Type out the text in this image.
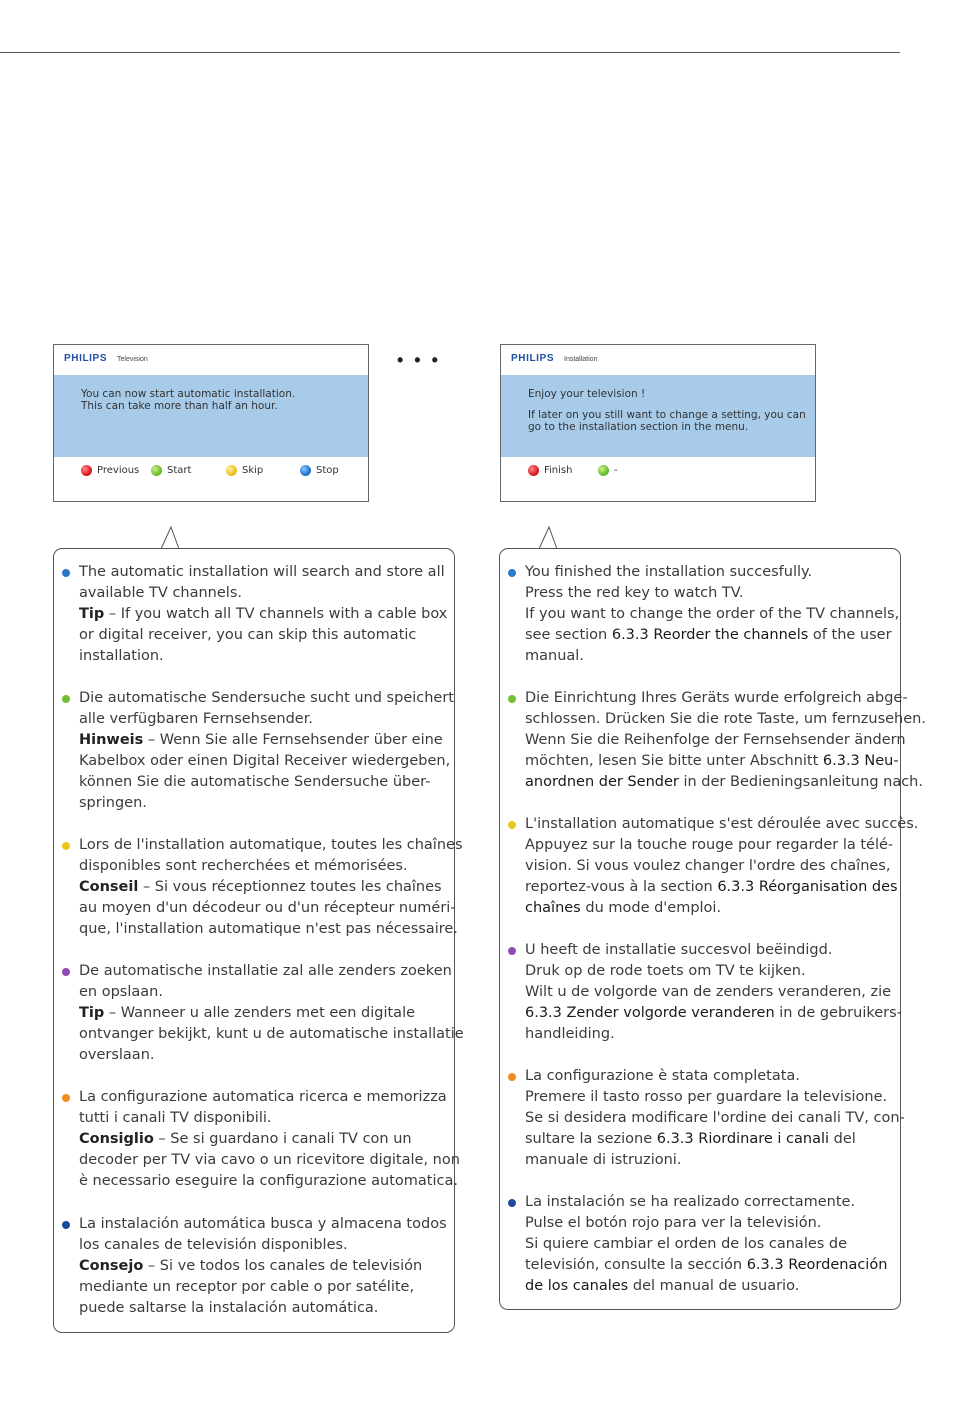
PHILIPS Television
You can now start automatic installation.
This can take more than half an hour.
Previous	Start	Skip	Stop
• • •	PHILIPS Installation
Enjoy your television !
If later on you still want to change a setting, you can
go to the installation section in the menu.
Finish	-
The automatic installation will search and store all
available TV channels.
Tip – If you watch all TV channels with a cable box
or digital receiver, you can skip this automatic
installation.
Die automatische Sendersuche sucht und speichert
alle verfügbaren Fernsehsender.
Hinweis – Wenn Sie alle Fernsehsender über eine
Kabelbox oder einen Digital Receiver wiedergeben,
können Sie die automatische Sendersuche über-
springen.
Lors de l'installation automatique, toutes les chaînes
disponibles sont recherchées et mémorisées.
Conseil – Si vous réceptionnez toutes les chaînes
au moyen d'un décodeur ou d'un récepteur numéri-
que, l'installation automatique n'est pas nécessaire.
De automatische installatie zal alle zenders zoeken
en opslaan.
Tip – Wanneer u alle zenders met een digitale
ontvanger bekijkt, kunt u de automatische installatie
overslaan.
La configurazione automatica ricerca e memorizza
tutti i canali TV disponibili.
Consiglio – Se si guardano i canali TV con un
decoder per TV via cavo o un ricevitore digitale, non
è necessario eseguire la configurazione automatica.
La instalación automática busca y almacena todos
los canales de televisión disponibles.
Consejo – Si ve todos los canales de televisión
mediante un receptor por cable o por satélite,
puede saltarse la instalación automática.
You finished the installation succesfully.
Press the red key to watch TV.
If you want to change the order of the TV channels,
see section 6.3.3 Reorder the channels of the user
manual.
Die Einrichtung Ihres Geräts wurde erfolgreich abge-
schlossen. Drücken Sie die rote Taste, um fernzusehen.
Wenn Sie die Reihenfolge der Fernsehsender ändern
möchten, lesen Sie bitte unter Abschnitt 6.3.3 Neu-
anordnen der Sender in der Bedieningsanleitung nach.
L'installation automatique s'est déroulée avec succès.
Appuyez sur la touche rouge pour regarder la télé-
vision. Si vous voulez changer l'ordre des chaînes,
reportez-vous à la section 6.3.3 Réorganisation des
chaînes du mode d'emploi.
U heeft de installatie succesvol beëindigd.
Druk op de rode toets om TV te kijken.
Wilt u de volgorde van de zenders veranderen, zie
6.3.3 Zender volgorde veranderen in de gebruikers-
handleiding.
La configurazione è stata completata.
Premere il tasto rosso per guardare la televisione.
Se si desidera modificare l'ordine dei canali TV, con-
sultare la sezione 6.3.3 Riordinare i canali del
manuale di istruzioni.
La instalación se ha realizado correctamente.
Pulse el botón rojo para ver la televisión.
Si quiere cambiar el orden de los canales de
televisión, consulte la sección 6.3.3 Reordenación
de los canales del manual de usuario.
